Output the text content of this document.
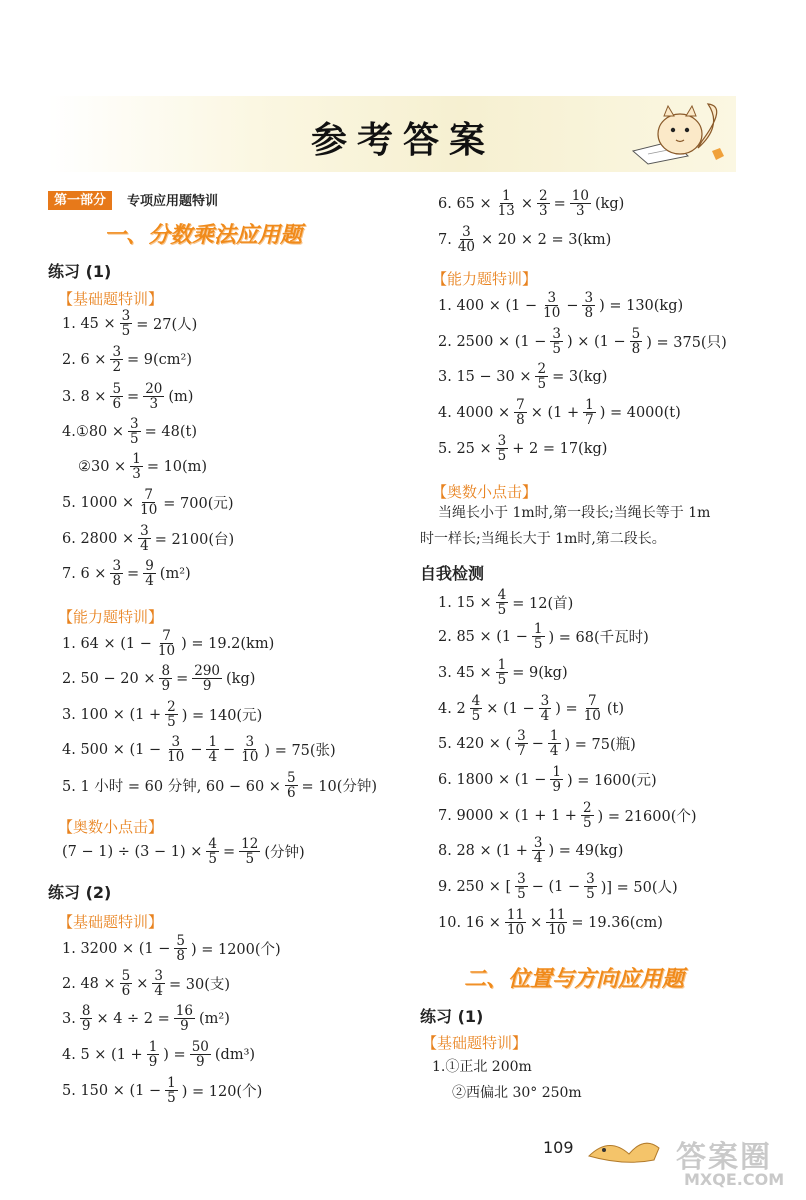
参考答案
第一部分	专项应用题特训
一、分数乘法应用题
练习 (1)
【基础题特训】
1. $45 \times \frac{3}{5} = 27$(人)
2. $6 \times \frac{3}{2} = 9(cm^2)$
3. $8 \times \frac{5}{6} = \frac{20}{3} (m)$
4.①80 × $\frac{3}{5} = 48(t)$
②30 × $\frac{1}{3} = 10(m)$
5. $1000 \times \frac{7}{10} = 700$(元)
6. $2800 \times \frac{3}{4} = 2100$(台)
7. $6 \times \frac{3}{8} = \frac{9}{4} (m^2)$
【能力题特训】
1. $64 \times (1 - \frac{7}{10}$ ) = 19.2(km)
2. $50 - 20 \times \frac{8}{9} = \frac{290}{9} (kg)$
3. $100 \times (1 + \frac{2}{5}$ ) = 140(元)
4. $500 \times (1 - \frac{3}{10} - \frac{1}{4} - \frac{3}{10}$ ) = 75(张)
5. 1 小时 = 60 分钟, $60 - 60 \times \frac{5}{6} = 10$(分钟)
【奥数小点击】
$(7 - 1) \div (3 - 1) \times \frac{4}{5} = \frac{12}{5}$ (分钟)
练习 (2)
【基础题特训】
1. $3200 \times (1 - \frac{5}{8}$ ) = 1200(个)
2. $48 \times \frac{5}{6} \times \frac{3}{4} = 30$(支)
3. $\frac{8}{9} \times 4 \div 2 = \frac{16}{9} (m^2)$
4. $5 \times (1 + \frac{1}{9}$ ) = $\frac{50}{9} (dm^3)$
5. $150 \times (1 - \frac{1}{5}$ ) = 120(个)
6. $65 \times \frac{1}{13} \times \frac{2}{3} = \frac{10}{3} (kg)$
7. $\frac{3}{40} \times 20 \times 2 = 3(km)$
【能力题特训】
1. $400 \times (1 - \frac{3}{10} - \frac{3}{8}$ ) = 130(kg)
2. $2500 \times (1 - \frac{3}{5}$ ) × ($1 - \frac{5}{8}$ ) = 375(只)
3. $15 - 30 \times \frac{2}{5} = 3(kg)$
4. $4000 \times \frac{7}{8} \times (1 + \frac{1}{7}$ ) = 4000(t)
5. $25 \times \frac{3}{5} + 2 = 17(kg)$
【奥数小点击】
当绳长小于 1m时,第一段长;当绳长等于 1m
时一样长;当绳长大于 1m时,第二段长。
自我检测
1. $15 \times \frac{4}{5} = 12$(首)
2. $85 \times (1 - \frac{1}{5}$ ) = 68(千瓦时)
3. $45 \times \frac{1}{5} = 9(kg)$
4. $2 \frac{4}{5} \times (1 - \frac{3}{4}$ ) = $\frac{7}{10} (t)$
5. 420 × ( $\frac{3}{7} - \frac{1}{4}$ ) = 75(瓶)
6. $1800 \times (1 - \frac{1}{9}$ ) = 1600(元)
7. $9000 \times (1 + 1 + \frac{2}{5}$ ) = 21600(个)
8. $28 \times (1 + \frac{3}{4}$ ) = 49(kg)
9. 250 × [ $\frac{3}{5} - (1 - \frac{3}{5}$ )] = 50(人)
10. $16 \times \frac{11}{10} \times \frac{11}{10} = 19.36(cm)$
二、位置与方向应用题
练习 (1)
【基础题特训】
1.①正北 200m
②西偏北 30° 250m
109	答案圈
MXQE.COM
